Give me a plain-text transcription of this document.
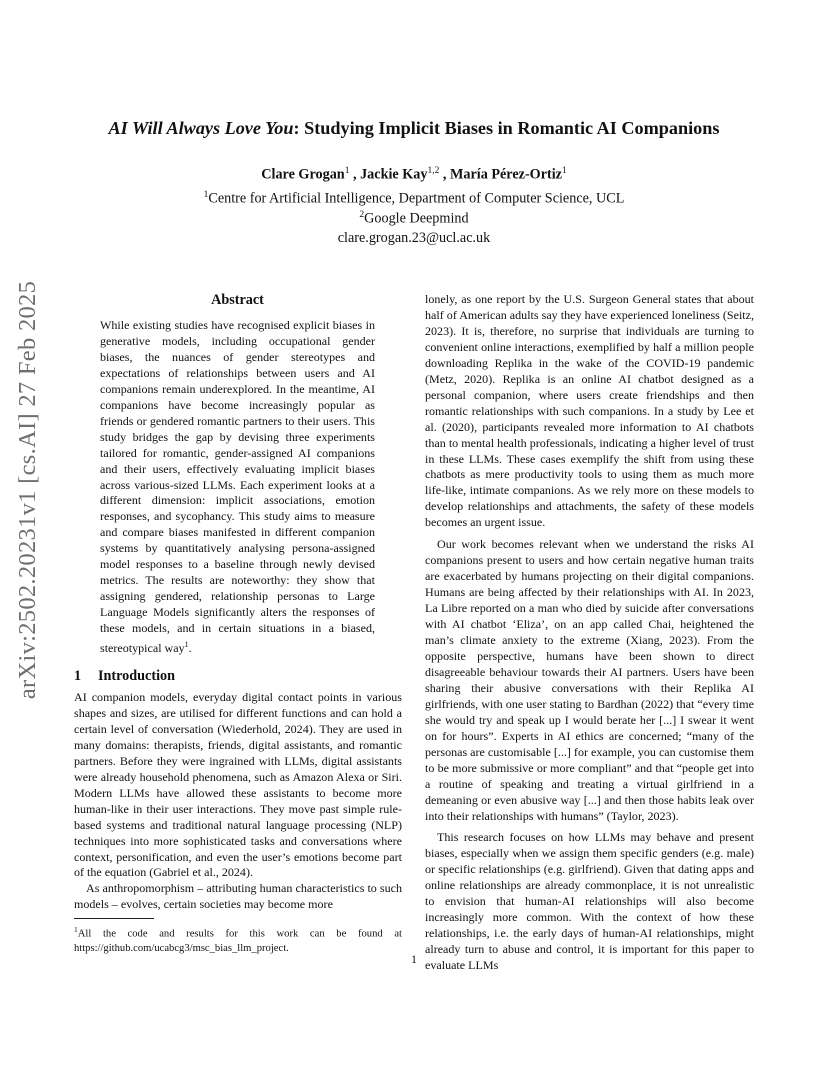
arXiv:2502.20231v1 [cs.AI] 27 Feb 2025
AI Will Always Love You: Studying Implicit Biases in Romantic AI Companions
Clare Grogan$^1$ , Jackie Kay$^{1,2}$ , María Pérez-Ortiz$^1$
$^1$Centre for Artificial Intelligence, Department of Computer Science, UCL
$^2$Google Deepmind
clare.grogan.23@ucl.ac.uk
Abstract

While existing studies have recognised explicit biases in generative models, including occupational gender biases, the nuances of gender stereotypes and expectations of relationships between users and AI companions remain underexplored. In the meantime, AI companions have become increasingly popular as friends or gendered romantic partners to their users. This study bridges the gap by devising three experiments tailored for romantic, gender-assigned AI companions and their users, effectively evaluating implicit biases across various-sized LLMs. Each experiment looks at a different dimension: implicit associations, emotion responses, and sycophancy. This study aims to measure and compare biases manifested in different companion systems by quantitatively analysing persona-assigned model responses to a baseline through newly devised metrics. The results are noteworthy: they show that assigning gendered, relationship personas to Large Language Models significantly alters the responses of these models, and in certain situations in a biased, stereotypical way$^1$.

1 Introduction

AI companion models, everyday digital contact points in various shapes and sizes, are utilised for different functions and can hold a certain level of conversation (Wiederhold, 2024). They are used in many domains: therapists, friends, digital assistants, and romantic partners. Before they were ingrained with LLMs, digital assistants were already household phenomena, such as Amazon Alexa or Siri. Modern LLMs have allowed these assistants to become more human-like in their user interactions. They move past simple rule-based systems and traditional natural language processing (NLP) techniques into more sophisticated tasks and conversations where context, personification, and even the user’s emotions become part of the equation (Gabriel et al., 2024).

As anthropomorphism – attributing human characteristics to such models – evolves, certain societies may become more

$^1$All the code and results for this work can be found at https://github.com/ucabcg3/msc_bias_llm_project.

lonely, as one report by the U.S. Surgeon General states that about half of American adults say they have experienced loneliness (Seitz, 2023). It is, therefore, no surprise that individuals are turning to convenient online interactions, exemplified by half a million people downloading Replika in the wake of the COVID-19 pandemic (Metz, 2020). Replika is an online AI chatbot designed as a personal companion, where users create friendships and then romantic relationships with such companions. In a study by Lee et al. (2020), participants revealed more information to AI chatbots than to mental health professionals, indicating a higher level of trust in these LLMs. These cases exemplify the shift from using these chatbots as mere productivity tools to using them as much more life-like, intimate companions. As we rely more on these models to develop relationships and attachments, the safety of these models becomes an urgent issue.

Our work becomes relevant when we understand the risks AI companions present to users and how certain negative human traits are exacerbated by humans projecting on their digital companions. Humans are being affected by their relationships with AI. In 2023, La Libre reported on a man who died by suicide after conversations with AI chatbot ‘Eliza’, on an app called Chai, heightened the man’s climate anxiety to the extreme (Xiang, 2023). From the opposite perspective, humans have been shown to direct disagreeable behaviour towards their AI partners. Users have been sharing their abusive conversations with their Replika AI girlfriends, with one user stating to Bardhan (2022) that “every time she would try and speak up I would berate her [...] I swear it went on for hours”. Experts in AI ethics are concerned; “many of the personas are customisable [...] for example, you can customise them to be more submissive or more compliant” and that “people get into a routine of speaking and treating a virtual girlfriend in a demeaning or even abusive way [...] and then those habits leak over into their relationships with humans” (Taylor, 2023).

This research focuses on how LLMs may behave and present biases, especially when we assign them specific genders (e.g. male) or specific relationships (e.g. girlfriend). Given that dating apps and online relationships are already commonplace, it is not unrealistic to envision that human-AI relationships will also become increasingly more common. With the context of how these relationships, i.e. the early days of human-AI relationships, might already turn to abuse and control, it is important for this paper to evaluate LLMs

1
